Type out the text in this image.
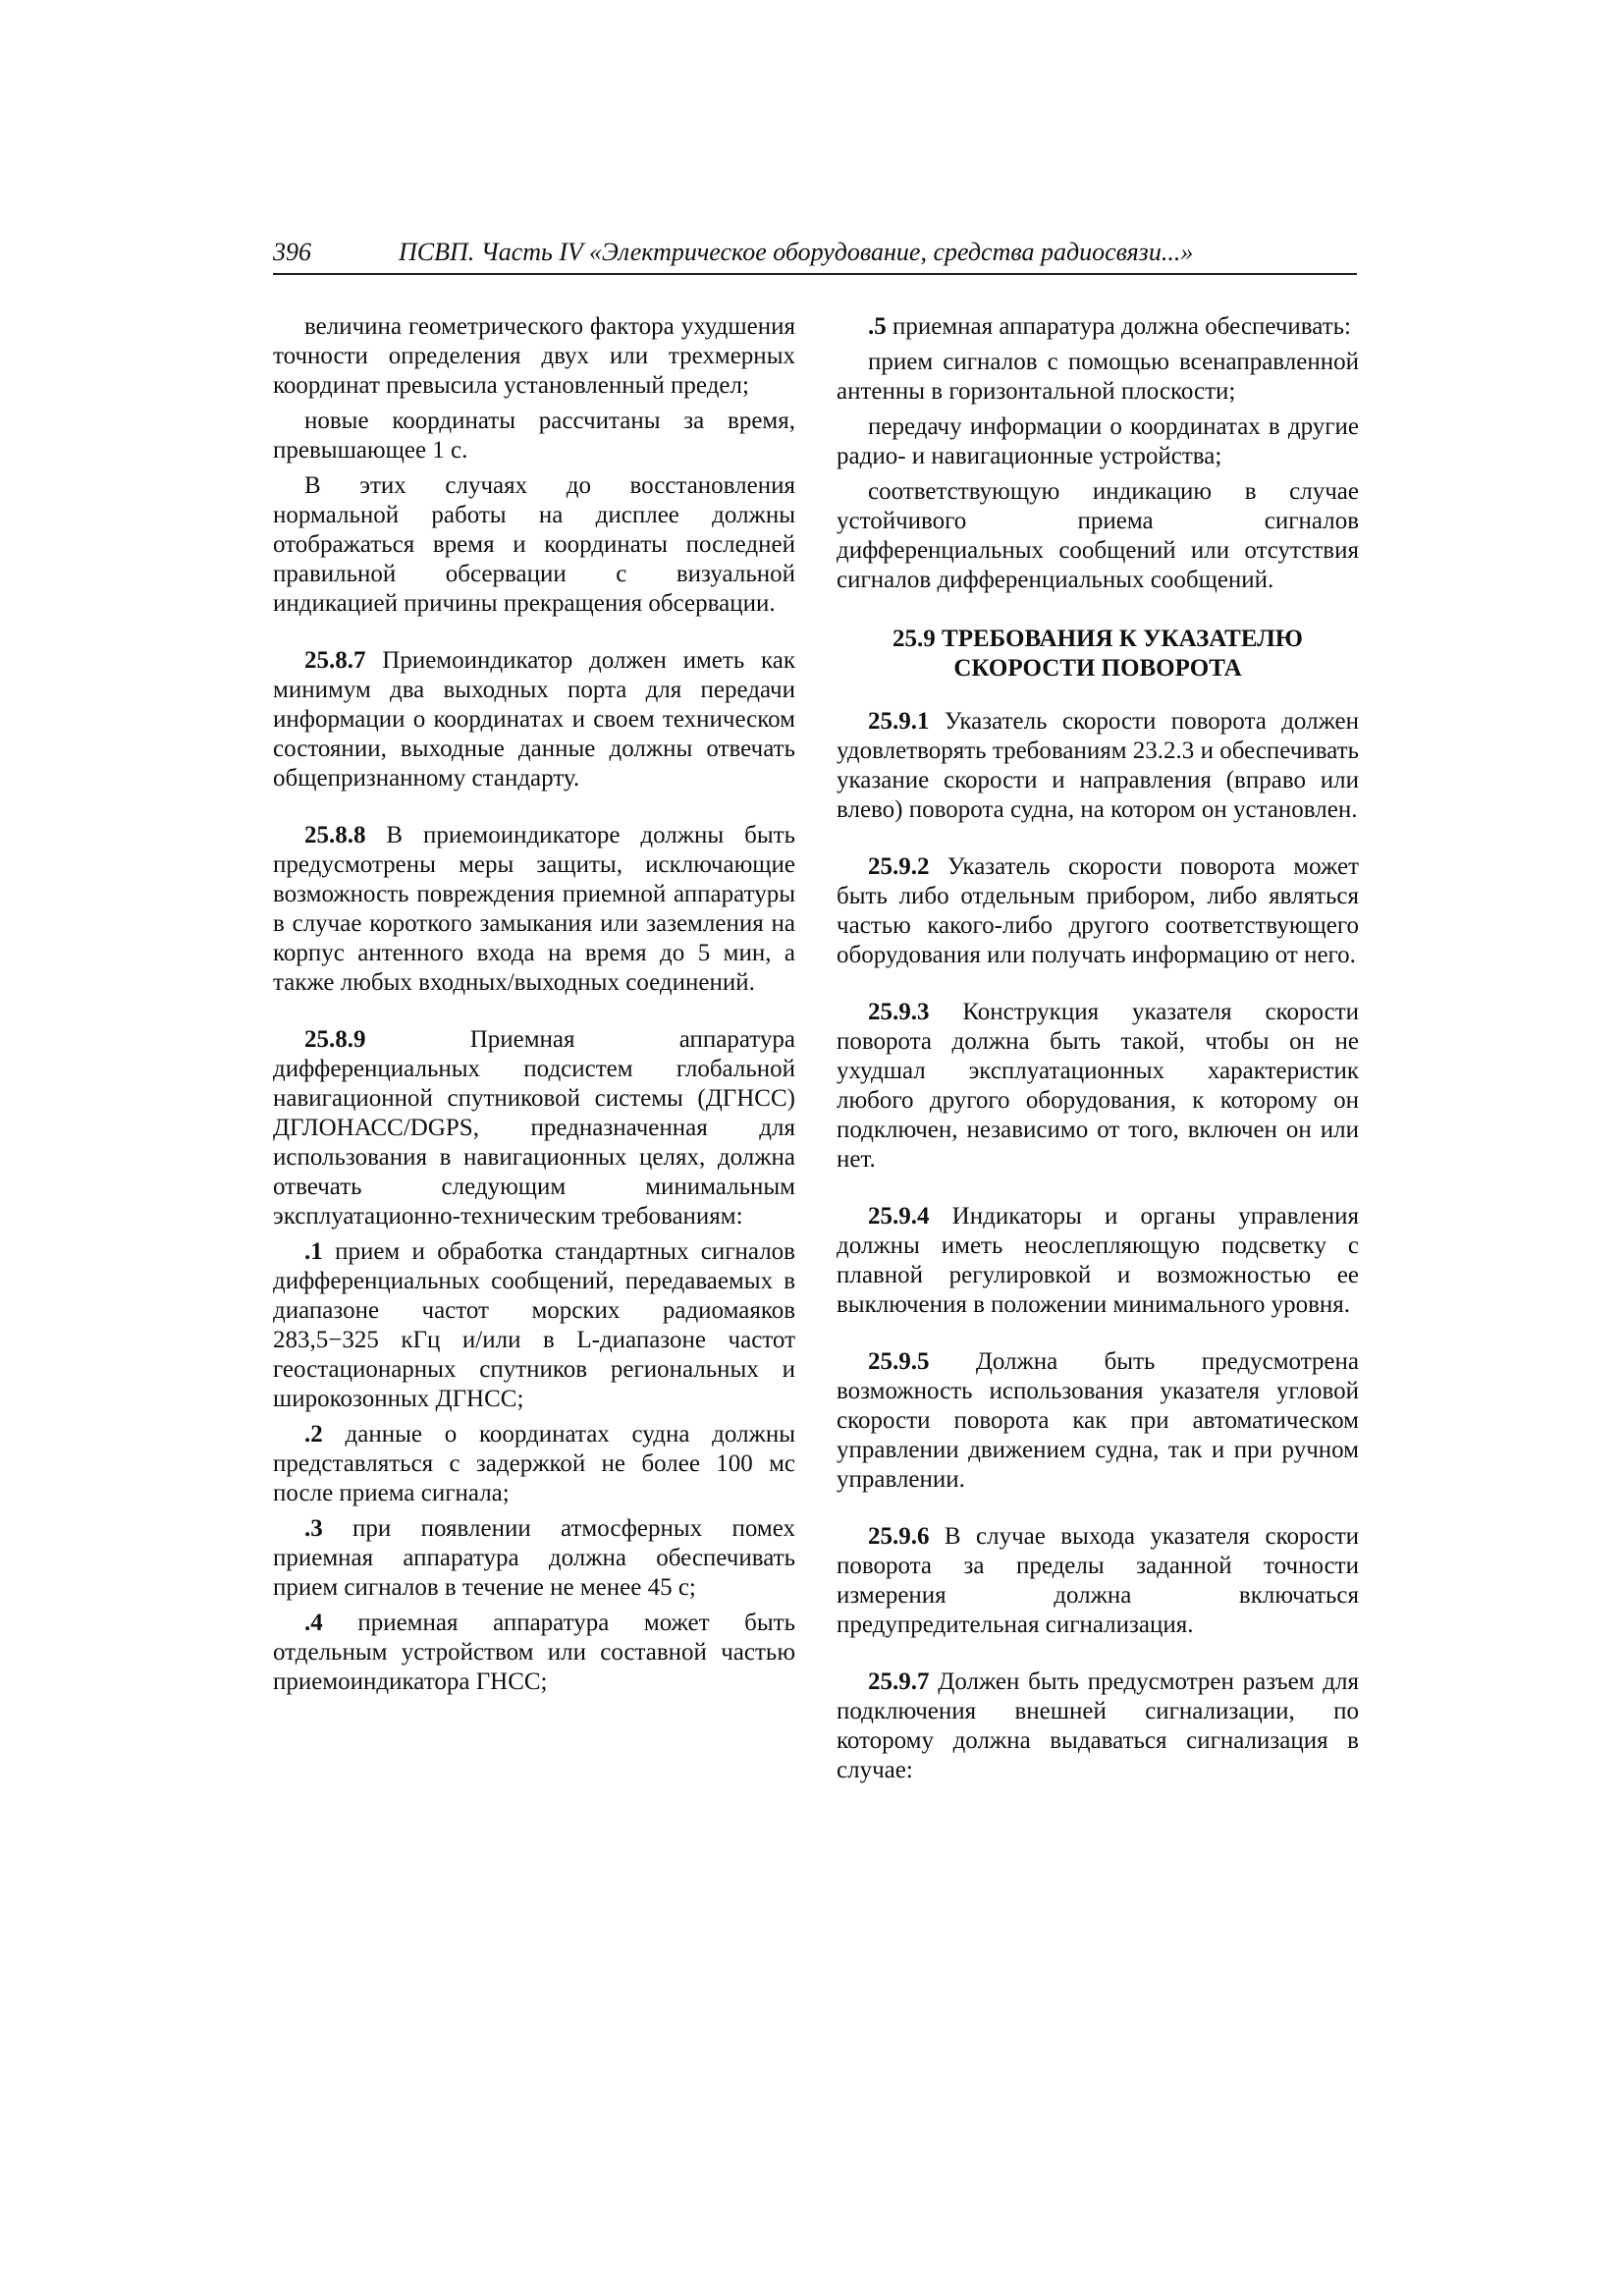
396	ПСВП. Часть IV «Электрическое оборудование, средства радиосвязи...»

величина геометрического фактора ухудшения точности определения двух или трехмерных координат превысила установленный предел;

новые координаты рассчитаны за время, превышающее 1 с.

В этих случаях до восстановления нормальной работы на дисплее должны отображаться время и координаты последней правильной обсервации с визуальной индикацией причины прекращения обсервации.

25.8.7 Приемоиндикатор должен иметь как минимум два выходных порта для передачи информации о координатах и своем техническом состоянии, выходные данные должны отвечать общепризнанному стандарту.

25.8.8 В приемоиндикаторе должны быть предусмотрены меры защиты, исключающие возможность повреждения приемной аппаратуры в случае короткого замыкания или заземления на корпус антенного входа на время до 5 мин, а также любых входных/выходных соединений.

25.8.9 Приемная аппаратура дифференциальных подсистем глобальной навигационной спутниковой системы (ДГНСС) ДГЛОНАСС/DGPS, предназначенная для использования в навигационных целях, должна отвечать следующим минимальным эксплуатационно-техническим требованиям:

.1 прием и обработка стандартных сигналов дифференциальных сообщений, передаваемых в диапазоне частот морских радиомаяков 283,5−325 кГц и/или в L-диапазоне частот геостационарных спутников региональных и широкозонных ДГНСС;

.2 данные о координатах судна должны представляться с задержкой не более 100 мс после приема сигнала;

.3 при появлении атмосферных помех приемная аппаратура должна обеспечивать прием сигналов в течение не менее 45 с;

.4 приемная аппаратура может быть отдельным устройством или составной частью приемоиндикатора ГНСС;

.5 приемная аппаратура должна обеспечивать:

прием сигналов с помощью всенаправленной антенны в горизонтальной плоскости;

передачу информации о координатах в другие радио- и навигационные устройства;

соответствующую индикацию в случае устойчивого приема сигналов дифференциальных сообщений или отсутствия сигналов дифференциальных сообщений.

25.9 ТРЕБОВАНИЯ К УКАЗАТЕЛЮ
СКОРОСТИ ПОВОРОТА

25.9.1 Указатель скорости поворота должен удовлетворять требованиям 23.2.3 и обеспечивать указание скорости и направления (вправо или влево) поворота судна, на котором он установлен.

25.9.2 Указатель скорости поворота может быть либо отдельным прибором, либо являться частью какого-либо другого соответствующего оборудования или получать информацию от него.

25.9.3 Конструкция указателя скорости поворота должна быть такой, чтобы он не ухудшал эксплуатационных характеристик любого другого оборудования, к которому он подключен, независимо от того, включен он или нет.

25.9.4 Индикаторы и органы управления должны иметь неослепляющую подсветку с плавной регулировкой и возможностью ее выключения в положении минимального уровня.

25.9.5 Должна быть предусмотрена возможность использования указателя угловой скорости поворота как при автоматическом управлении движением судна, так и при ручном управлении.

25.9.6 В случае выхода указателя скорости поворота за пределы заданной точности измерения должна включаться предупредительная сигнализация.

25.9.7 Должен быть предусмотрен разъем для подключения внешней сигнализации, по которому должна выдаваться сигнализация в случае:
